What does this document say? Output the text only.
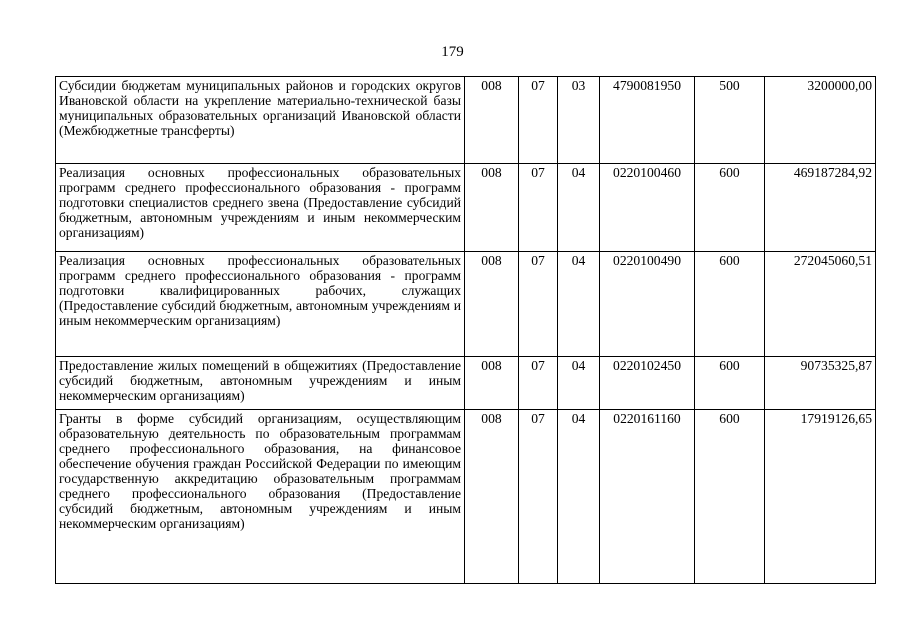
179
Субсидии бюджетам муниципальных районов и городских округов Ивановской области на укрепление материально-технической базы муниципальных образовательных организаций Ивановской области (Межбюджетные трансферты)	008	07	03	4790081950	500	3200000,00
Реализация основных профессиональных образовательных программ среднего профессионального образования - программ подготовки специалистов среднего звена (Предоставление субсидий бюджетным, автономным учреждениям и иным некоммерческим организациям)	008	07	04	0220100460	600	469187284,92
Реализация основных профессиональных образовательных программ среднего профессионального образования - программ подготовки квалифицированных рабочих, служащих (Предоставление субсидий бюджетным, автономным учреждениям и иным некоммерческим организациям)	008	07	04	0220100490	600	272045060,51
Предоставление жилых помещений в общежитиях (Предоставление субсидий бюджетным, автономным учреждениям и иным некоммерческим организациям)	008	07	04	0220102450	600	90735325,87
Гранты в форме субсидий организациям, осуществляющим образовательную деятельность по образовательным программам среднего профессионального образования, на финансовое обеспечение обучения граждан Российской Федерации по имеющим государственную аккредитацию образовательным программам среднего профессионального образования (Предоставление субсидий бюджетным, автономным учреждениям и иным некоммерческим организациям)	008	07	04	0220161160	600	17919126,65
